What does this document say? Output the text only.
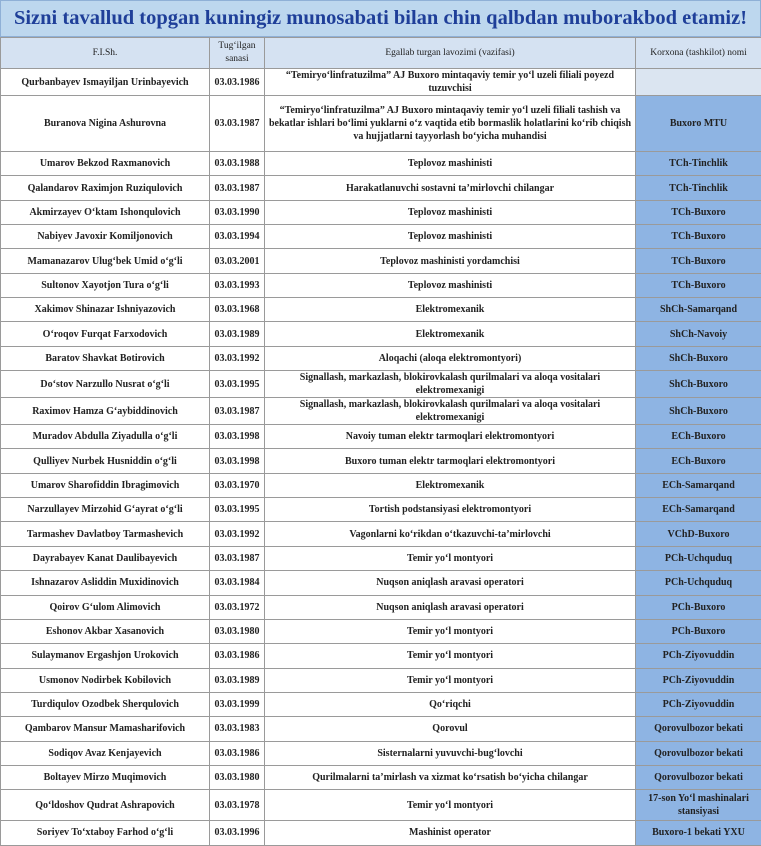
Sizni tavallud topgan kuningiz munosabati bilan chin qalbdan muborakbod etamiz!
F.I.Sh.	Tug‘ilgan sanasi	Egallab turgan lavozimi (vazifasi)	Korxona (tashkilot) nomi
Qurbanbayev Ismayiljan Urinbayevich	03.03.1986	“Temiryo‘linfratuzilma” AJ Buxoro mintaqaviy temir yo‘l uzeli filiali poyezd tuzuvchisi	
Buranova Nigina Ashurovna	03.03.1987	“Temiryo‘linfratuzilma” AJ Buxoro mintaqaviy temir yo‘l uzeli filiali tashish va bekatlar ishlari bo‘limi yuklarni o‘z vaqtida etib bormaslik holatlarini ko‘rib chiqish va hujjatlarni tayyorlash bo‘yicha muhandisi	Buxoro MTU
Umarov Bekzod Raxmanovich	03.03.1988	Teplovoz mashinisti	TCh-Tinchlik
Qalandarov Raximjon Ruziqulovich	03.03.1987	Harakatlanuvchi sostavni ta’mirlovchi chilangar	TCh-Tinchlik
Akmirzayev O‘ktam Ishonqulovich	03.03.1990	Teplovoz mashinisti	TCh-Buxoro
Nabiyev Javoxir Komiljonovich	03.03.1994	Teplovoz mashinisti	TCh-Buxoro
Mamanazarov Ulug‘bek Umid o‘g‘li	03.03.2001	Teplovoz mashinisti yordamchisi	TCh-Buxoro
Sultonov Xayotjon Tura o‘g‘li	03.03.1993	Teplovoz mashinisti	TCh-Buxoro
Xakimov Shinazar Ishniyazovich	03.03.1968	Elektromexanik	ShCh-Samarqand
O‘roqov Furqat Farxodovich	03.03.1989	Elektromexanik	ShCh-Navoiy
Baratov Shavkat Botirovich	03.03.1992	Aloqachi (aloqa elektromontyori)	ShCh-Buxoro
Do‘stov Narzullo Nusrat o‘g‘li	03.03.1995	Signallash, markazlash, blokirovkalash qurilmalari va aloqa vositalari elektromexanigi	ShCh-Buxoro
Raximov Hamza G‘aybiddinovich	03.03.1987	Signallash, markazlash, blokirovkalash qurilmalari va aloqa vositalari elektromexanigi	ShCh-Buxoro
Muradov Abdulla Ziyadulla o‘g‘li	03.03.1998	Navoiy tuman elektr tarmoqlari elektromontyori	ECh-Buxoro
Qulliyev Nurbek Husniddin o‘g‘li	03.03.1998	Buxoro tuman elektr tarmoqlari elektromontyori	ECh-Buxoro
Umarov Sharofiddin Ibragimovich	03.03.1970	Elektromexanik	ECh-Samarqand
Narzullayev Mirzohid G‘ayrat o‘g‘li	03.03.1995	Tortish podstansiyasi elektromontyori	ECh-Samarqand
Tarmashev Davlatboy Tarmashevich	03.03.1992	Vagonlarni ko‘rikdan o‘tkazuvchi-ta’mirlovchi	VChD-Buxoro
Dayrabayev Kanat Daulibayevich	03.03.1987	Temir yo‘l montyori	PCh-Uchquduq
Ishnazarov Asliddin Muxidinovich	03.03.1984	Nuqson aniqlash aravasi operatori	PCh-Uchquduq
Qoirov G‘ulom Alimovich	03.03.1972	Nuqson aniqlash aravasi operatori	PCh-Buxoro
Eshonov Akbar Xasanovich	03.03.1980	Temir yo‘l montyori	PCh-Buxoro
Sulaymanov Ergashjon Urokovich	03.03.1986	Temir yo‘l montyori	PCh-Ziyovuddin
Usmonov Nodirbek Kobilovich	03.03.1989	Temir yo‘l montyori	PCh-Ziyovuddin
Turdiqulov Ozodbek Sherqulovich	03.03.1999	Qo‘riqchi	PCh-Ziyovuddin
Qambarov Mansur Mamasharifovich	03.03.1983	Qorovul	Qorovulbozor bekati
Sodiqov Avaz Kenjayevich	03.03.1986	Sisternalarni yuvuvchi-bug‘lovchi	Qorovulbozor bekati
Boltayev Mirzo Muqimovich	03.03.1980	Qurilmalarni ta’mirlash va xizmat ko‘rsatish bo‘yicha chilangar	Qorovulbozor bekati
Qo‘ldoshov Qudrat Ashrapovich	03.03.1978	Temir yo‘l montyori	17-son Yo‘l mashinalari stansiyasi
Soriyev To‘xtaboy Farhod o‘g‘li	03.03.1996	Mashinist operator	Buxoro-1 bekati YXU
